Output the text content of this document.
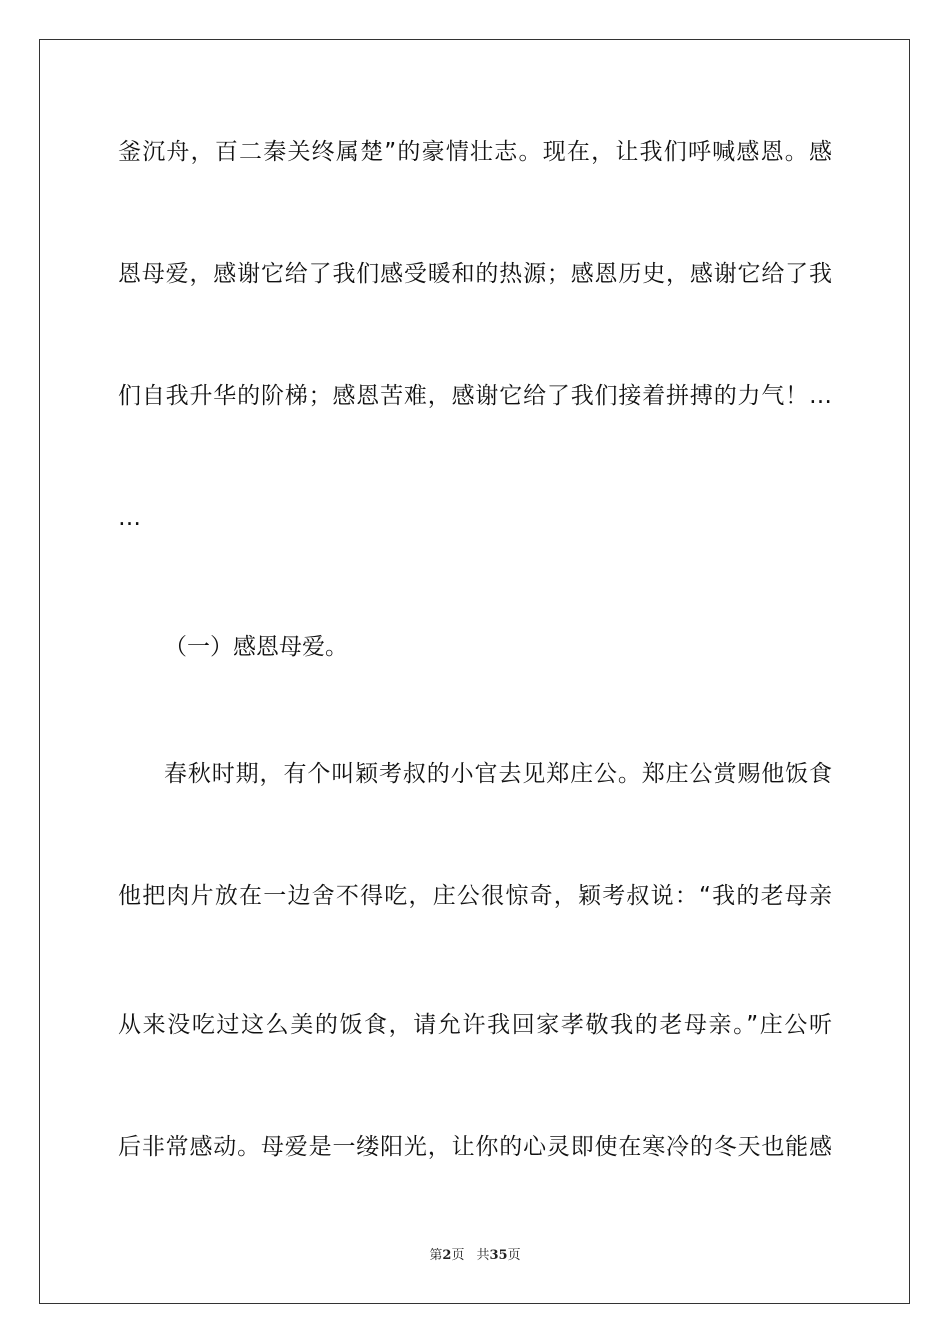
釜沉舟，百二秦关终属楚”的豪情壮志。现在，让我们呼喊感恩。感
恩母爱，感谢它给了我们感受暖和的热源；感恩历史，感谢它给了我
们自我升华的阶梯；感恩苦难，感谢它给了我们接着拼搏的力气！…
…
（一）感恩母爱。
春秋时期，有个叫颖考叔的小官去见郑庄公。郑庄公赏赐他饭食
他把肉片放在一边舍不得吃，庄公很惊奇，颖考叔说：“我的老母亲
从来没吃过这么美的饭食，请允许我回家孝敬我的老母亲。”庄公听
后非常感动。母爱是一缕阳光，让你的心灵即使在寒冷的冬天也能感
第2页 共35页
